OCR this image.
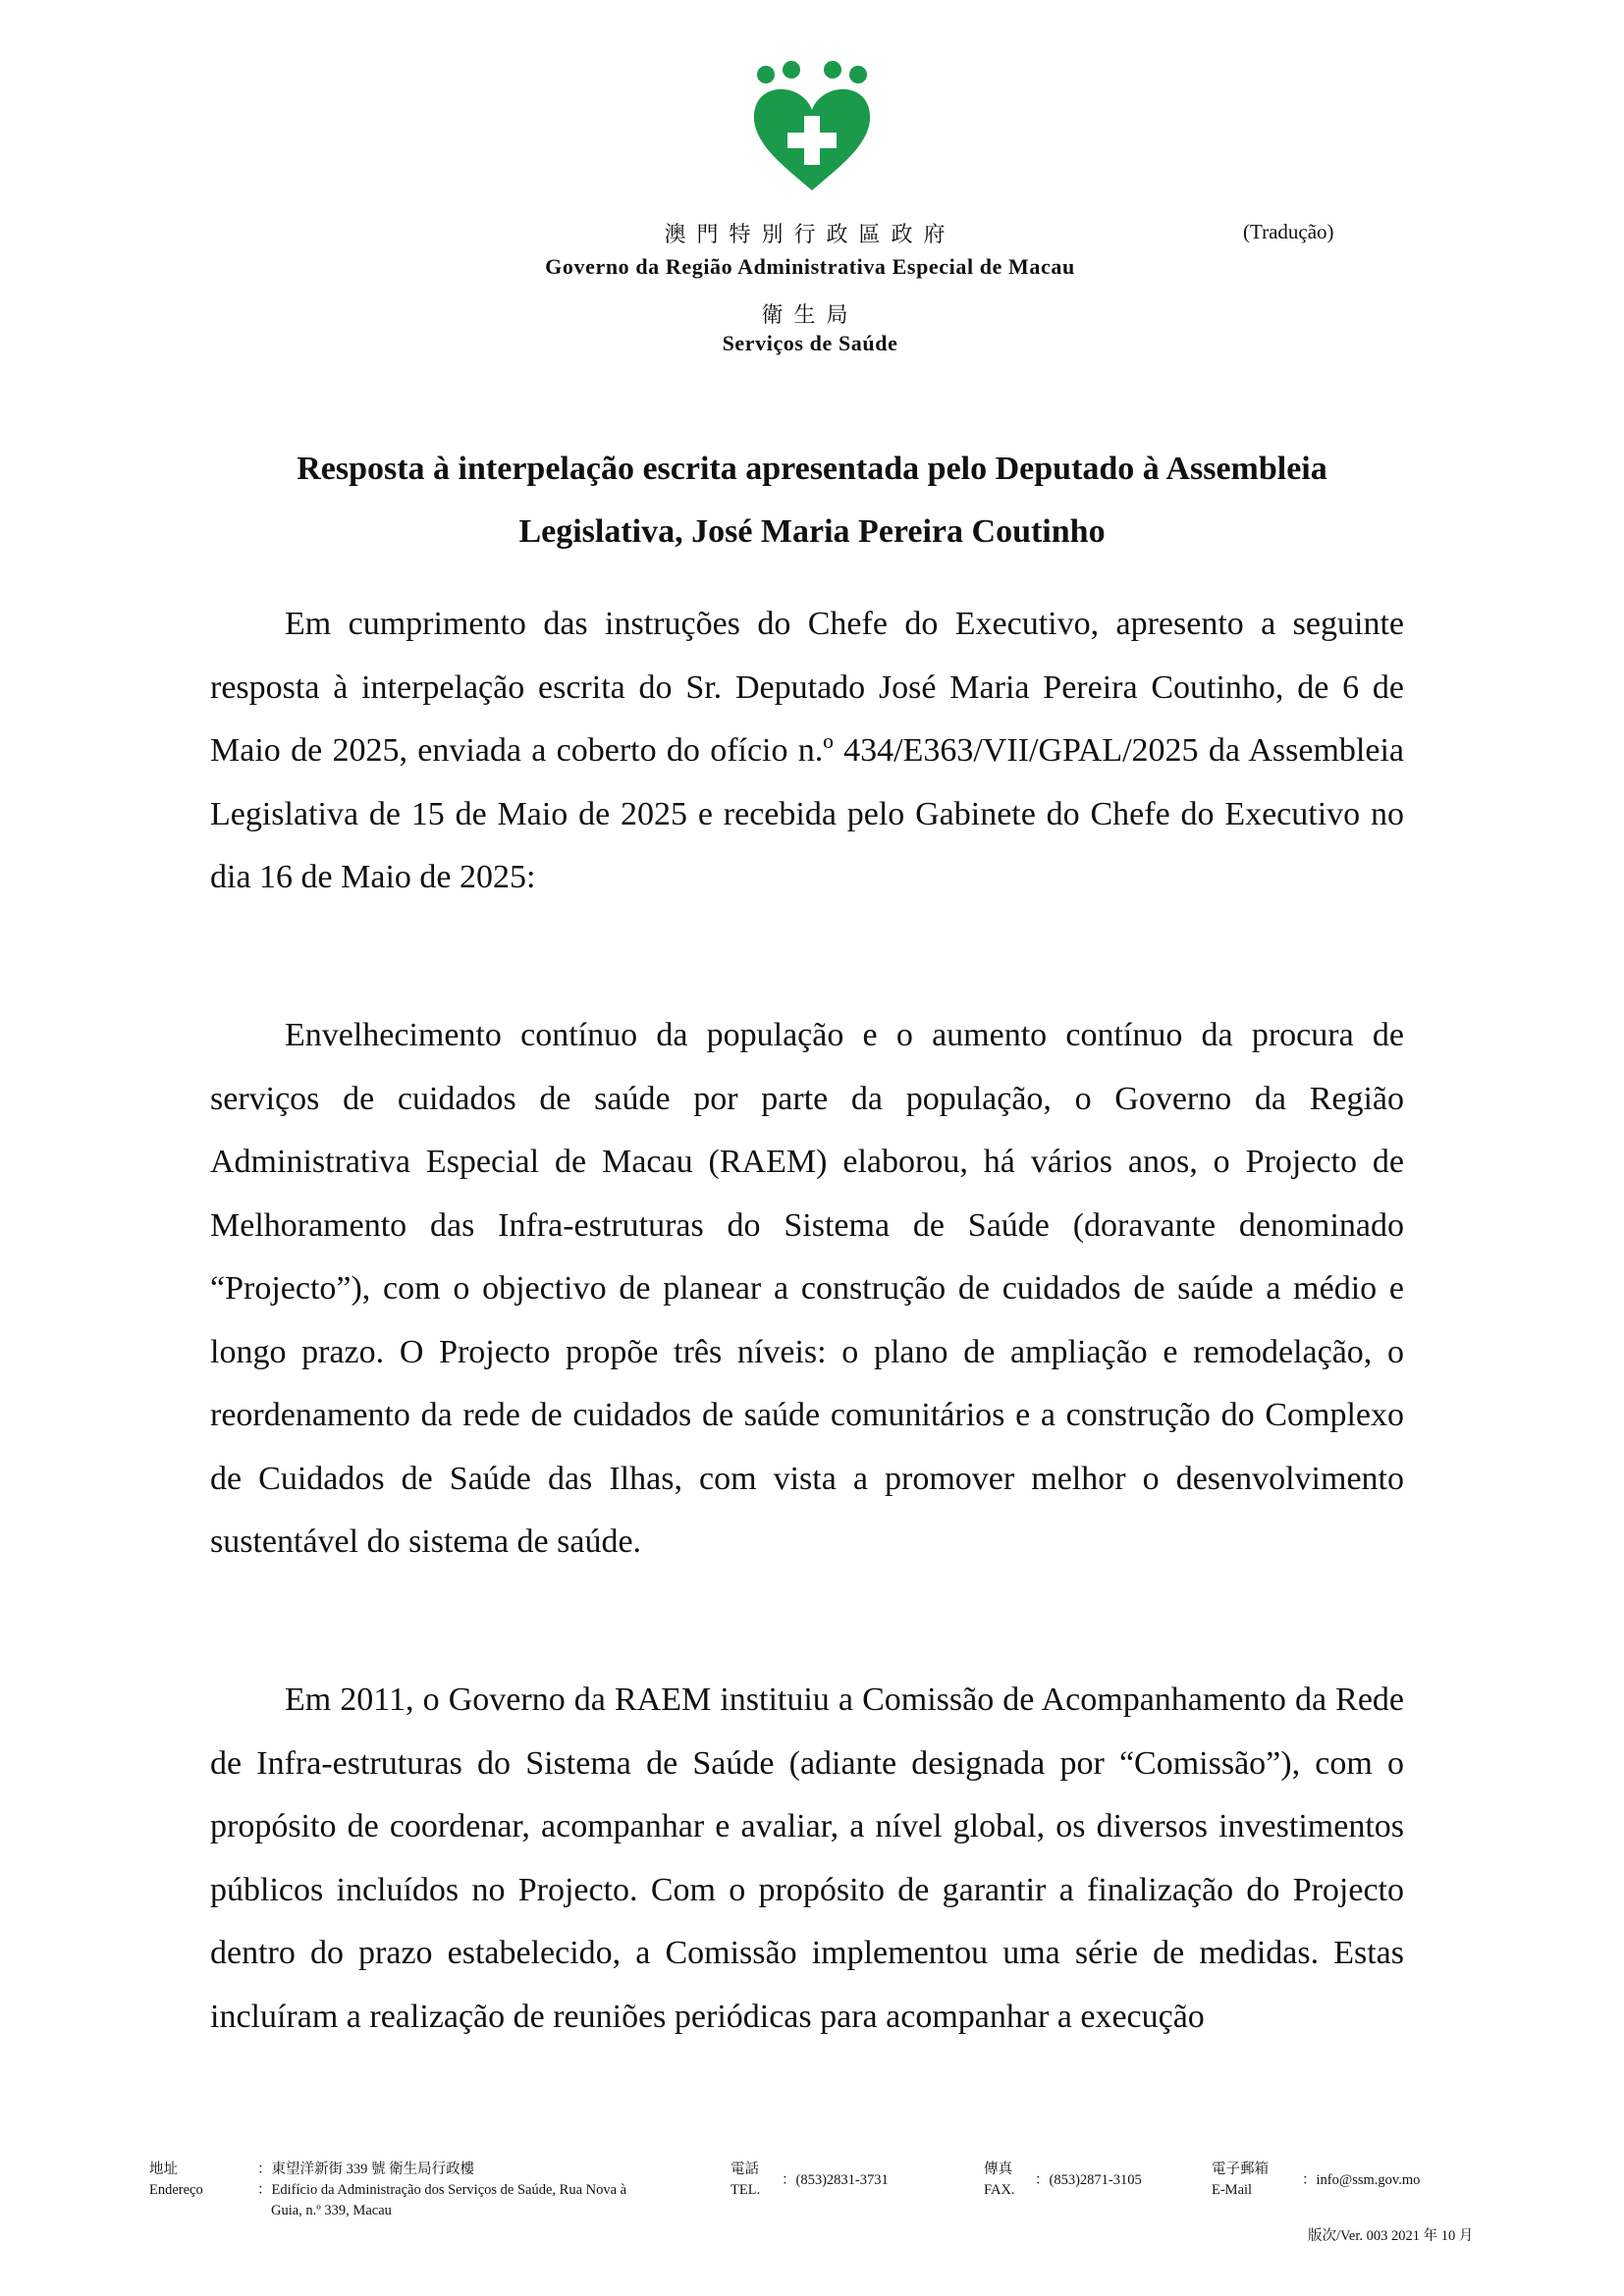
澳門特別行政區政府
Governo da Região Administrativa Especial de Macau
衛生局
Serviços de Saúde
(Tradução)
Resposta à interpelação escrita apresentada pelo Deputado à Assembleia
Legislativa, José Maria Pereira Coutinho

Em cumprimento das instruções do Chefe do Executivo, apresento a seguinte resposta à interpelação escrita do Sr. Deputado José Maria Pereira Coutinho, de 6 de Maio de 2025, enviada a coberto do ofício n.º 434/E363/VII/GPAL/2025 da Assembleia Legislativa de 15 de Maio de 2025 e recebida pelo Gabinete do Chefe do Executivo no dia 16 de Maio de 2025:

Envelhecimento contínuo da população e o aumento contínuo da procura de serviços de cuidados de saúde por parte da população, o Governo da Região Administrativa Especial de Macau (RAEM) elaborou, há vários anos, o Projecto de Melhoramento das Infra-estruturas do Sistema de Saúde (doravante denominado “Projecto”), com o objectivo de planear a construção de cuidados de saúde a médio e longo prazo. O Projecto propõe três níveis: o plano de ampliação e remodelação, o reordenamento da rede de cuidados de saúde comunitários e a construção do Complexo de Cuidados de Saúde das Ilhas, com vista a promover melhor o desenvolvimento sustentável do sistema de saúde.

Em 2011, o Governo da RAEM instituiu a Comissão de Acompanhamento da Rede de Infra-estruturas do Sistema de Saúde (adiante designada por “Comissão”), com o propósito de coordenar, acompanhar e avaliar, a nível global, os diversos investimentos públicos incluídos no Projecto. Com o propósito de garantir a finalização do Projecto dentro do prazo estabelecido, a Comissão implementou uma série de medidas. Estas incluíram a realização de reuniões periódicas para acompanhar a execução

地址
Endereço
：東望洋新街 339 號 衛生局行政樓
：Edifício da Administração dos Serviços de Saúde, Rua Nova à
Guia, n.º 339, Macau
電話
TEL.
：(853)2831-3731
傳真
FAX.
：(853)2871-3105
電子郵箱
E-Mail
：info@ssm.gov.mo
版次/Ver. 003 2021 年 10 月
